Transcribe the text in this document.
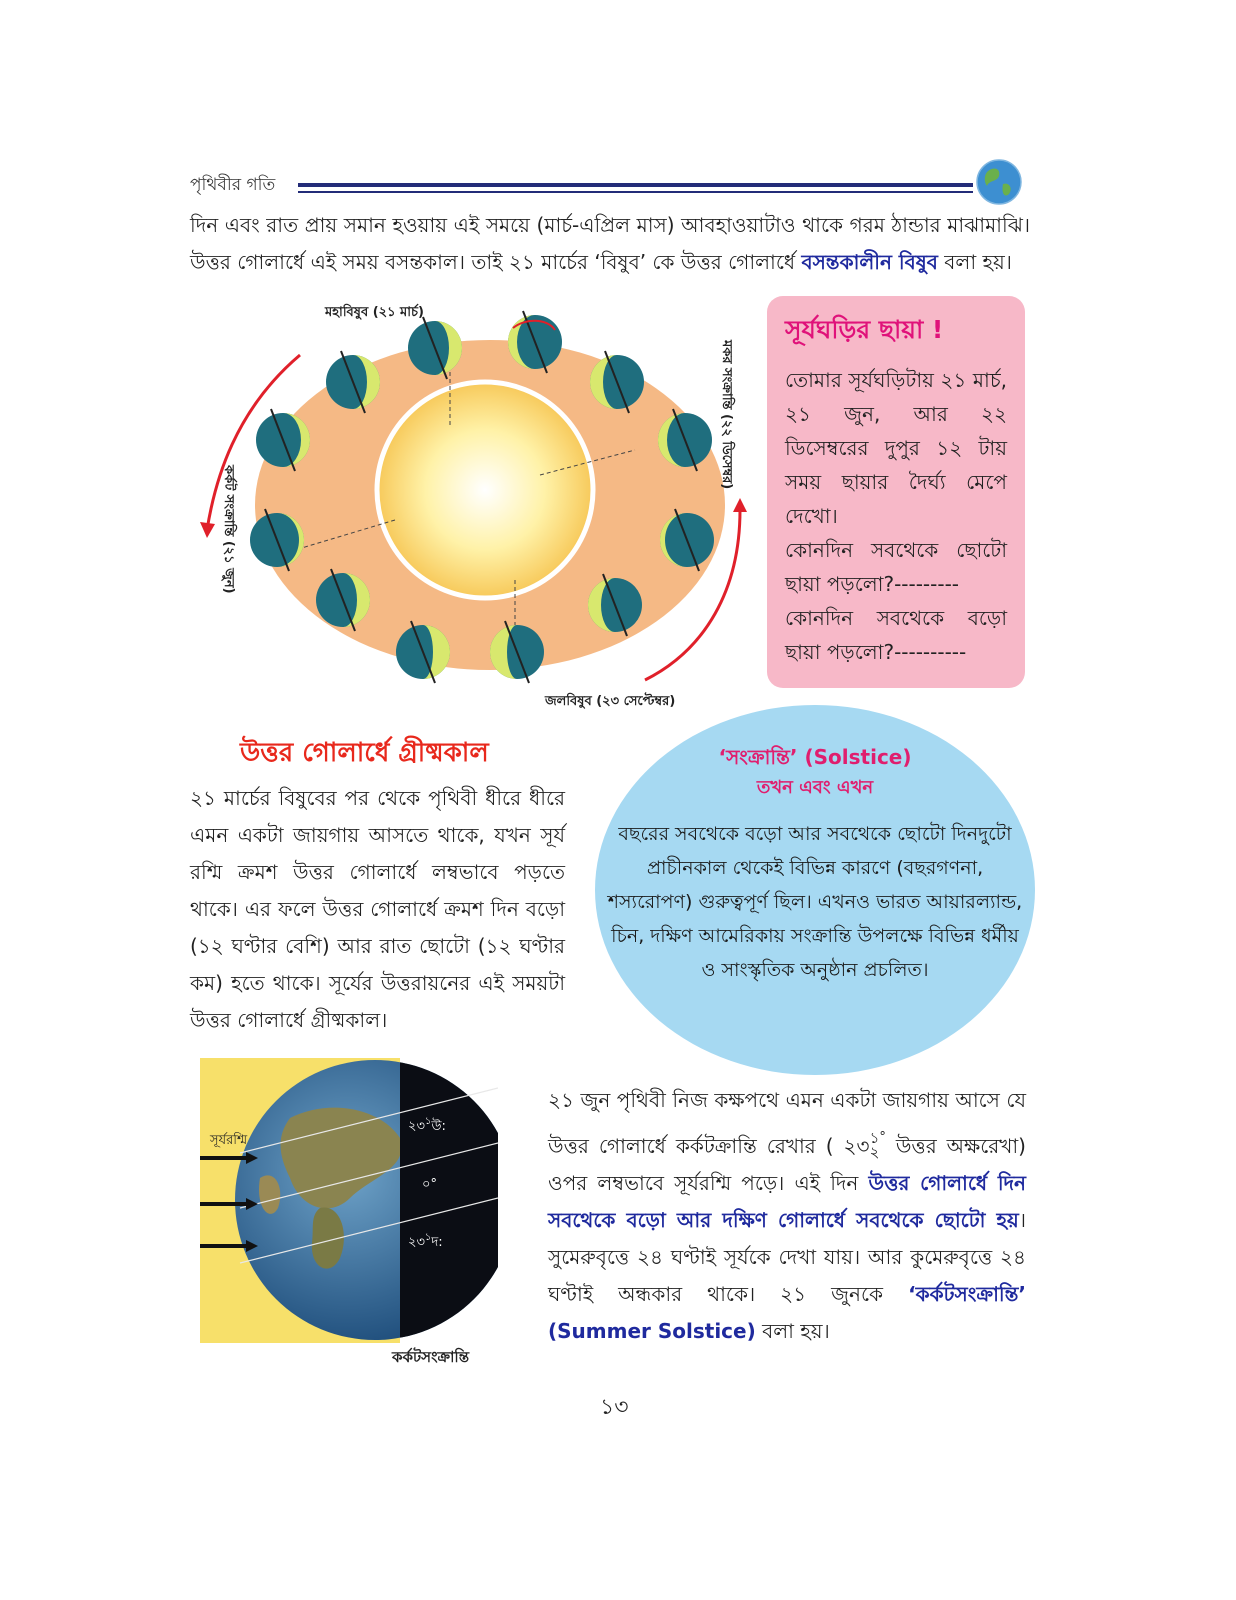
পৃথিবীর গতি
দিন এবং রাত প্রায় সমান হওয়ায় এই সময়ে (মার্চ-এপ্রিল মাস) আবহাওয়াটাও থাকে গরম ঠান্ডার মাঝামাঝি। উত্তর গোলার্ধে এই সময় বসন্তকাল। তাই ২১ মার্চের ‘বিষুব’ কে উত্তর গোলার্ধে বসন্তকালীন বিষুব বলা হয়।
মহাবিষুব (২১ মার্চ)
জলবিষুব (২৩ সেপ্টেম্বর)
মকর সংক্রান্তি (২২ ডিসেম্বর)
কর্কট সংক্রান্তি (২১ জুন)
সূর্যঘড়ির ছায়া !
তোমার সূর্যঘড়িটায় ২১ মার্চ, ২১ জুন, আর ২২ ডিসেম্বরের দুপুর ১২ টায় সময় ছায়ার দৈর্ঘ্য মেপে দেখো।
কোনদিন সবথেকে ছোটো ছায়া পড়লো?---------
কোনদিন সবথেকে বড়ো ছায়া পড়লো?----------
উত্তর গোলার্ধে গ্রীষ্মকাল
২১ মার্চের বিষুবের পর থেকে পৃথিবী ধীরে ধীরে এমন একটা জায়গায় আসতে থাকে, যখন সূর্য রশ্মি ক্রমশ উত্তর গোলার্ধে লম্বভাবে পড়তে থাকে। এর ফলে উত্তর গোলার্ধে ক্রমশ দিন বড়ো (১২ ঘণ্টার বেশি) আর রাত ছোটো (১২ ঘণ্টার কম) হতে থাকে। সূর্যের উত্তরায়নের এই সময়টা উত্তর গোলার্ধে গ্রীষ্মকাল।
‘সংক্রান্তি’ (Solstice)
তখন এবং এখন
বছরের সবথেকে বড়ো আর সবথেকে ছোটো দিনদুটো প্রাচীনকাল থেকেই বিভিন্ন কারণে (বছরগণনা, শস্যরোপণ) গুরুত্বপূর্ণ ছিল। এখনও ভারত আয়ারল্যান্ড, চিন, দক্ষিণ আমেরিকায় সংক্রান্তি উপলক্ষে বিভিন্ন ধর্মীয় ও সাংস্কৃতিক অনুষ্ঠান প্রচলিত।
সূর্যরশ্মি
$২৩^১উ$:
০°
$২৩^১দ$:
কর্কটসংক্রান্তি
২১ জুন পৃথিবী নিজ কক্ষপথে এমন একটা জায়গায় আসে যে উত্তর গোলার্ধে কর্কটক্রান্তি রেখার ( ২৩ ১
২
° উত্তর অক্ষরেখা) ওপর লম্বভাবে সূর্যরশ্মি পড়ে। এই দিন উত্তর গোলার্ধে দিন সবথেকে বড়ো আর দক্ষিণ গোলার্ধে সবথেকে ছোটো হয়। সুমেরুবৃত্তে ২৪ ঘণ্টাই সূর্যকে দেখা যায়। আর কুমেরুবৃত্তে ২৪ ঘণ্টাই অন্ধকার থাকে। ২১ জুনকে ‘কর্কটসংক্রান্তি’ (Summer Solstice) বলা হয়।
১৩
